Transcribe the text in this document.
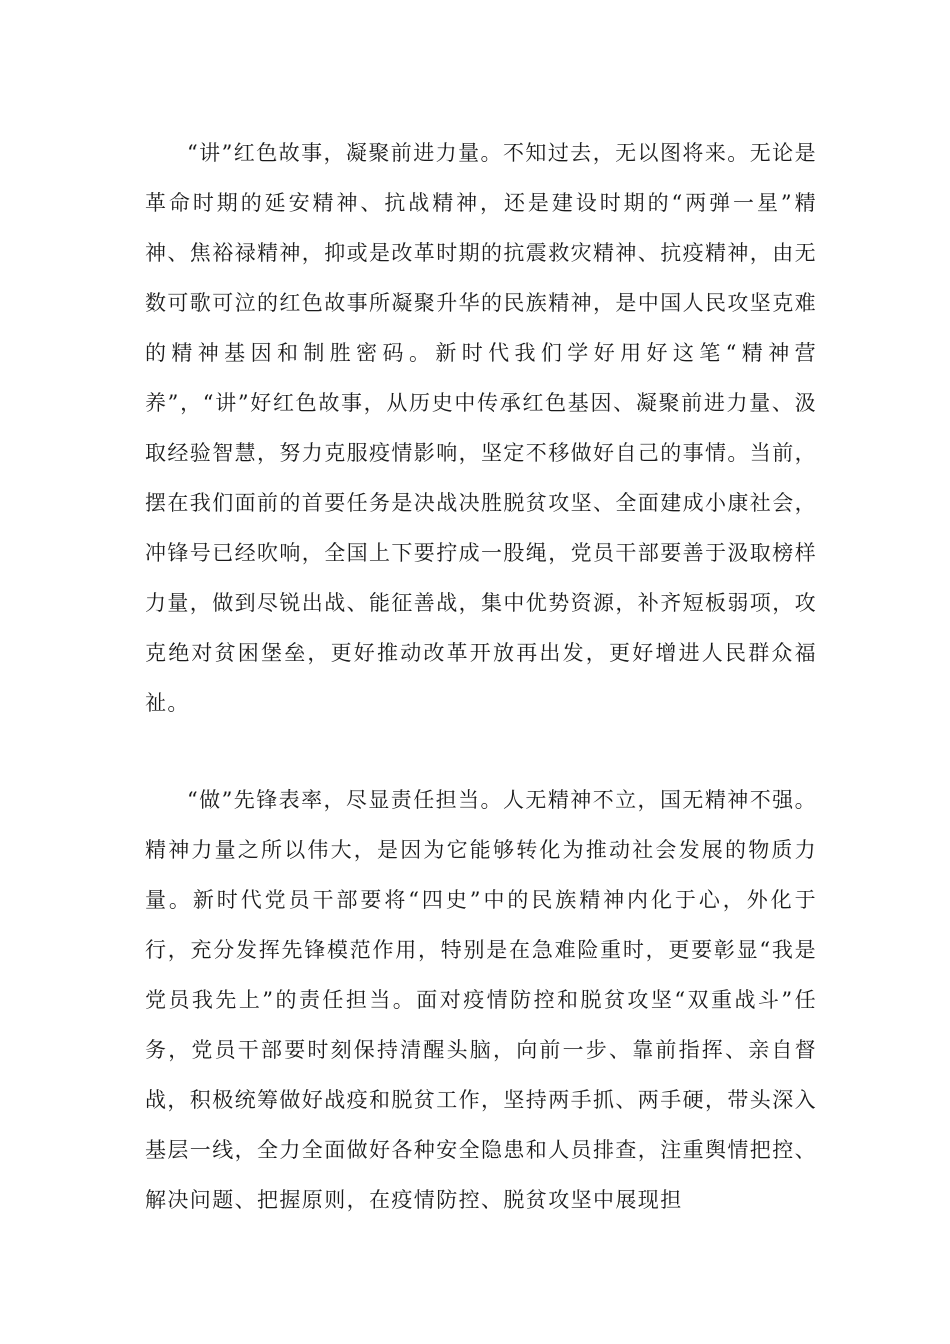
“讲”红色故事，凝聚前进力量。不知过去，无以图将来。无论是革命时期的延安精神、抗战精神，还是建设时期的“两弹一星”精神、焦裕禄精神，抑或是改革时期的抗震救灾精神、抗疫精神，由无数可歌可泣的红色故事所凝聚升华的民族精神，是中国人民攻坚克难的精神基因和制胜密码。新时代我们学好用好这笔“精神营养”，“讲”好红色故事，从历史中传承红色基因、凝聚前进力量、汲取经验智慧，努力克服疫情影响，坚定不移做好自己的事情。当前，摆在我们面前的首要任务是决战决胜脱贫攻坚、全面建成小康社会，冲锋号已经吹响，全国上下要拧成一股绳，党员干部要善于汲取榜样力量，做到尽锐出战、能征善战，集中优势资源，补齐短板弱项，攻克绝对贫困堡垒，更好推动改革开放再出发，更好增进人民群众福祉。

“做”先锋表率，尽显责任担当。人无精神不立，国无精神不强。精神力量之所以伟大，是因为它能够转化为推动社会发展的物质力量。新时代党员干部要将“四史”中的民族精神内化于心，外化于行，充分发挥先锋模范作用，特别是在急难险重时，更要彰显“我是党员我先上”的责任担当。面对疫情防控和脱贫攻坚“双重战斗”任务，党员干部要时刻保持清醒头脑，向前一步、靠前指挥、亲自督战，积极统筹做好战疫和脱贫工作，坚持两手抓、两手硬，带头深入基层一线，全力全面做好各种安全隐患和人员排查，注重舆情把控、解决问题、把握原则，在疫情防控、脱贫攻坚中展现担
